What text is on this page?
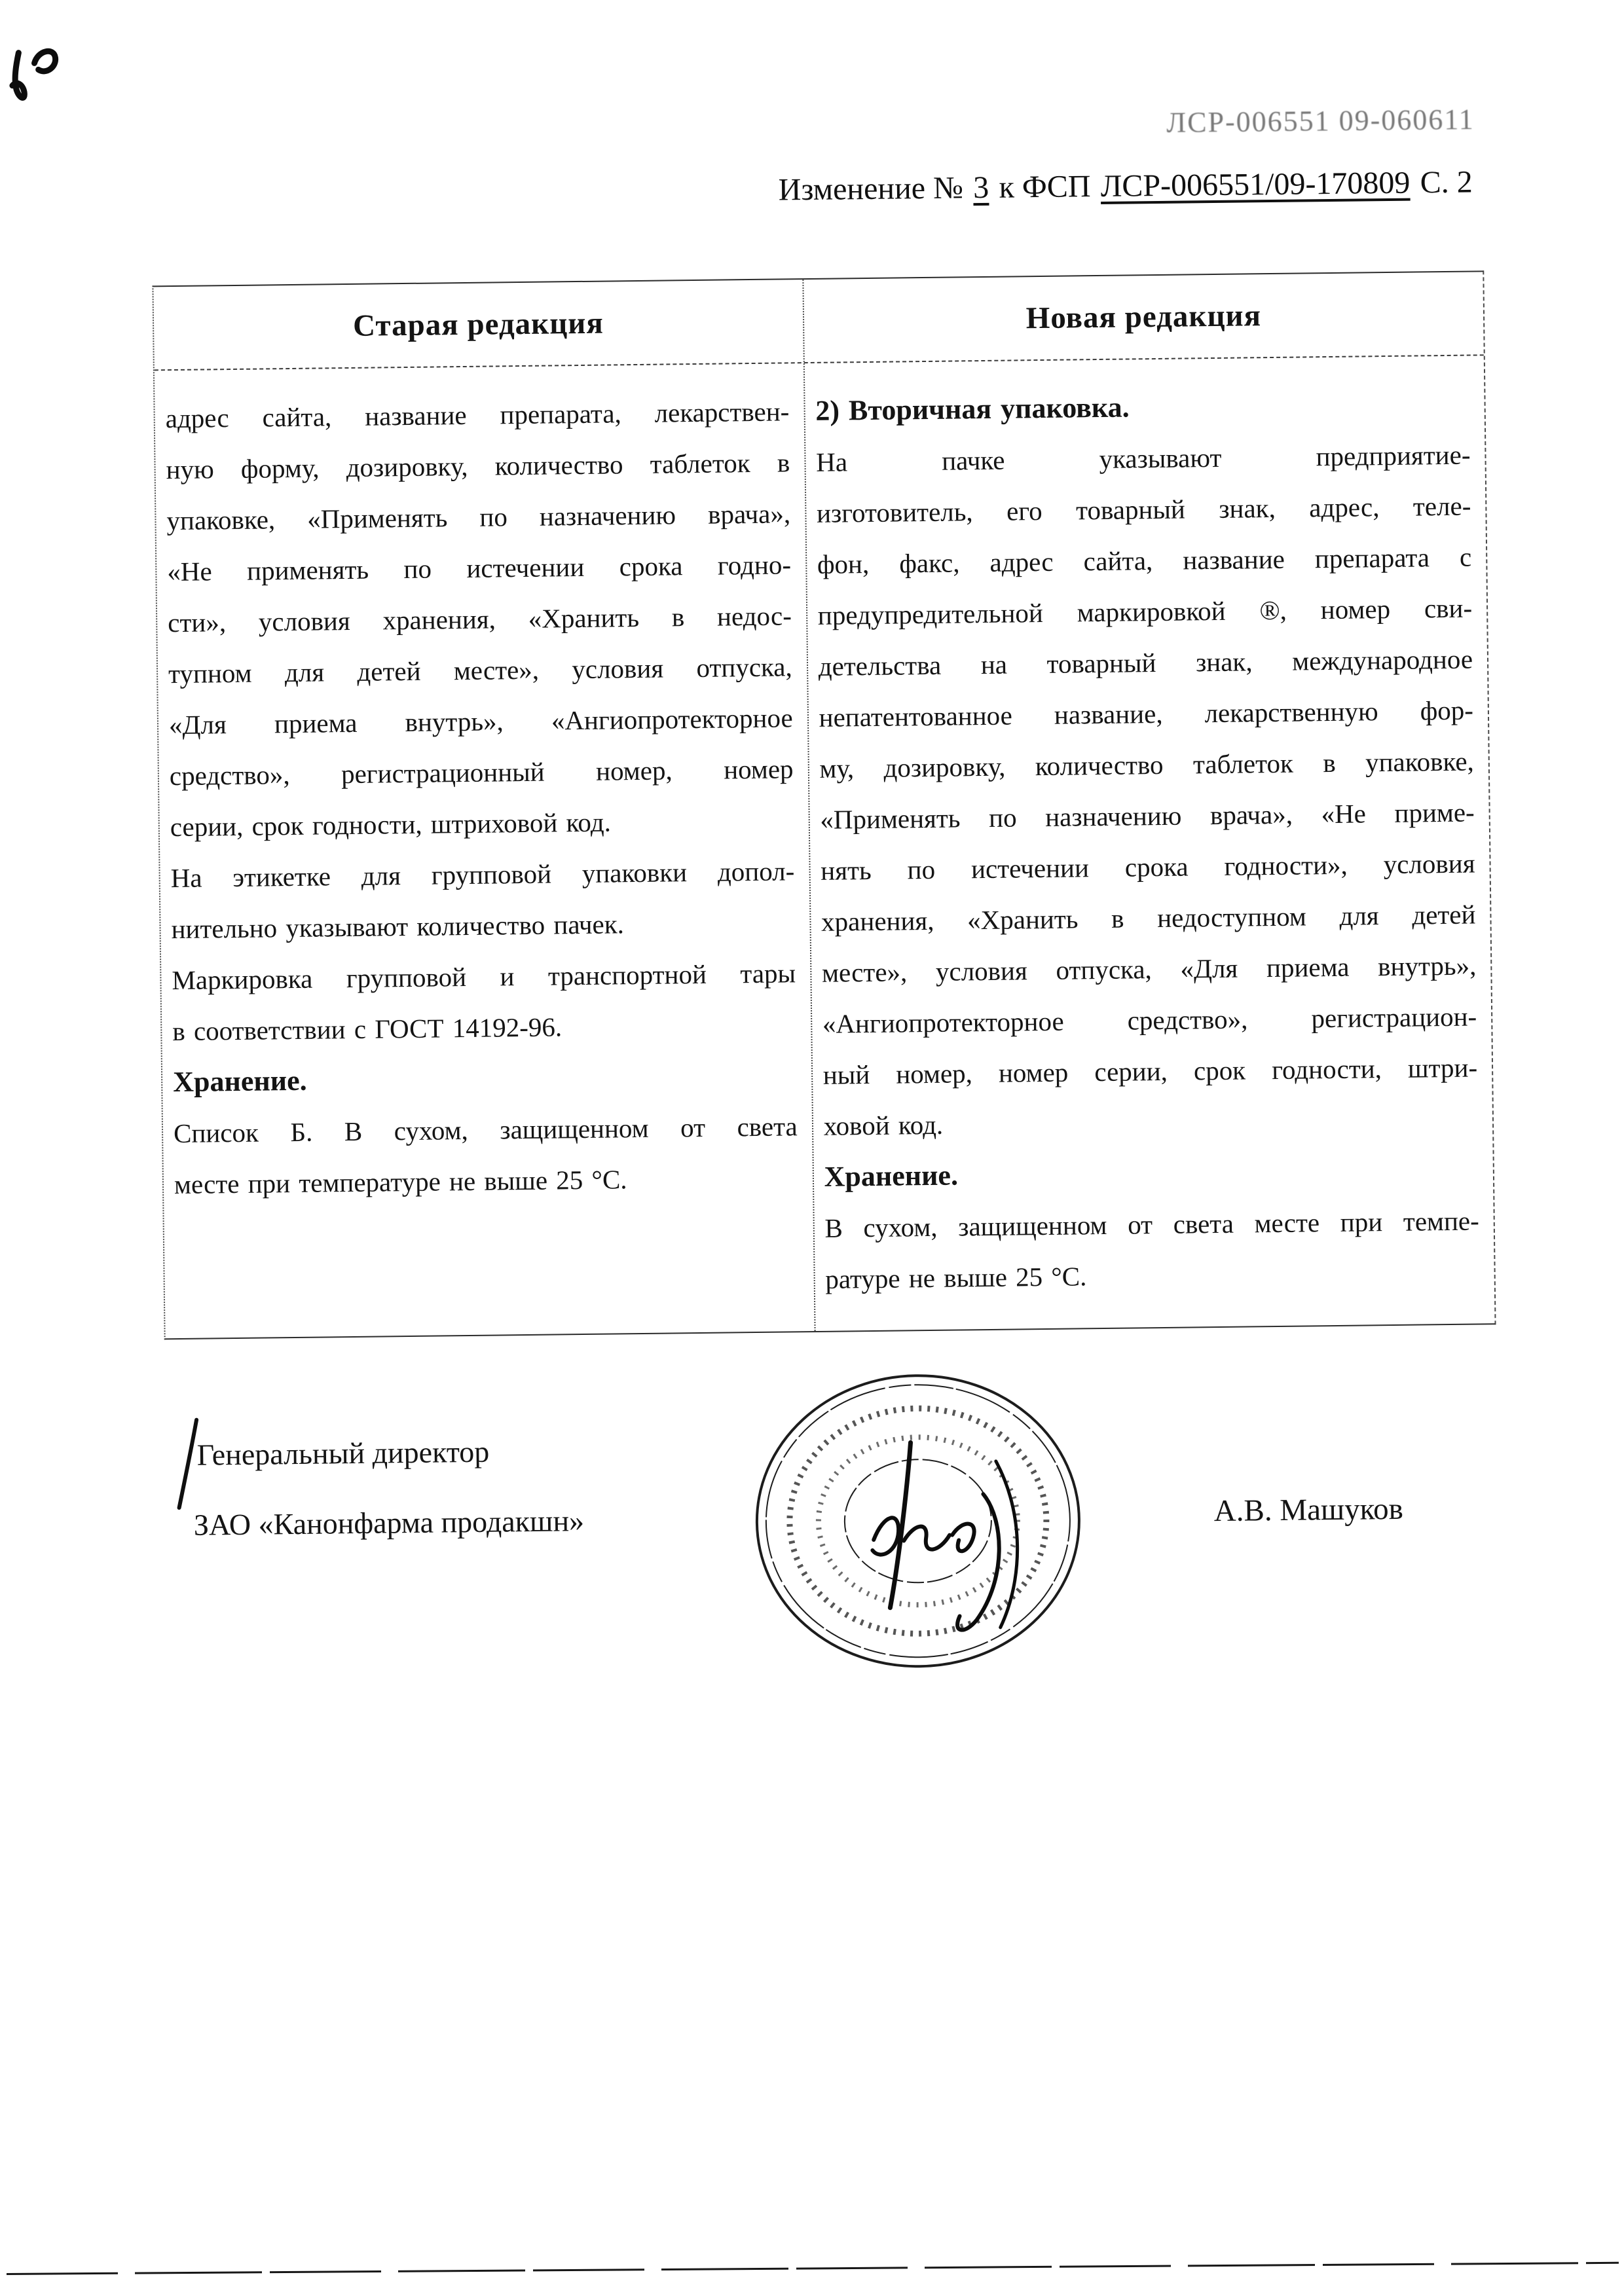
ЛСР-006551 09-060611
Изменение № 3 к ФСП ЛСР-006551/09-170809 С. 2
Старая редакция	Новая редакция

адрес сайта, название препарата, лекарствен-

ную форму, дозировку, количество таблеток в

упаковке, «Применять по назначению врача»,

«Не применять по истечении срока годно-

сти», условия хранения, «Хранить в недос-

тупном для детей месте», условия отпуска,

«Для приема внутрь», «Ангиопротекторное

средство», регистрационный номер, номер

серии, срок годности, штриховой код.

На этикетке для групповой упаковки допол-

нительно указывают количество пачек.

Маркировка групповой и транспортной тары

в соответствии с ГОСТ 14192-96.

Хранение.

Список Б. В сухом, защищенном от света

месте при температуре не выше 25 °С.

2) Вторичная упаковка.

На пачке указывают предприятие-

изготовитель, его товарный знак, адрес, теле-

фон, факс, адрес сайта, название препарата с

предупредительной маркировкой ®, номер сви-

детельства на товарный знак, международное

непатентованное название, лекарственную фор-

му, дозировку, количество таблеток в упаковке,

«Применять по назначению врача», «Не приме-

нять по истечении срока годности», условия

хранения, «Хранить в недоступном для детей

месте», условия отпуска, «Для приема внутрь»,

«Ангиопротекторное средство», регистрацион-

ный номер, номер серии, срок годности, штри-

ховой код.

Хранение.

В сухом, защищенном от света месте при темпе-

ратуре не выше 25 °С.

Генеральный директор
ЗАО «Канонфарма продакшн»	А.В. Машуков
